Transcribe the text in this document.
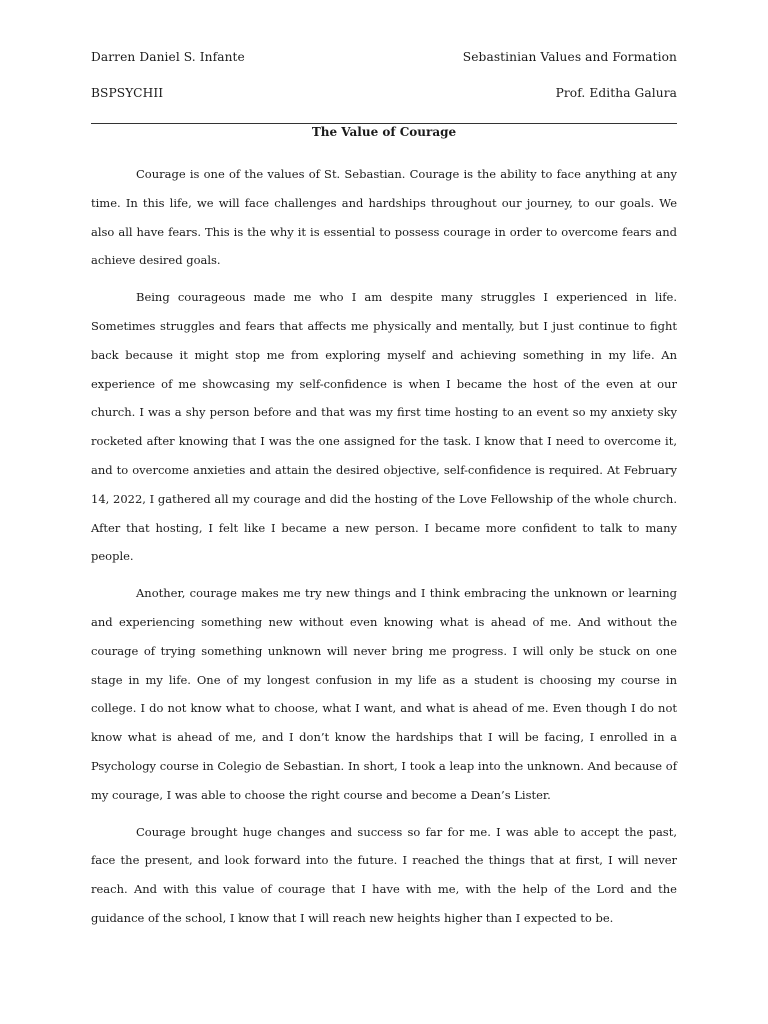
Darren Daniel S. Infante	Sebastinian Values and Formation
BSPSYCHII	Prof. Editha Galura
The Value of Courage

Courage is one of the values of St. Sebastian. Courage is the ability to face anything at any time. In this life, we will face challenges and hardships throughout our journey, to our goals. We also all have fears. This is the why it is essential to possess courage in order to overcome fears and achieve desired goals.

Being courageous made me who I am despite many struggles I experienced in life. Sometimes struggles and fears that affects me physically and mentally, but I just continue to fight back because it might stop me from exploring myself and achieving something in my life. An experience of me showcasing my self-confidence is when I became the host of the even at our church. I was a shy person before and that was my first time hosting to an event so my anxiety sky rocketed after knowing that I was the one assigned for the task. I know that I need to overcome it, and to overcome anxieties and attain the desired objective, self-confidence is required. At February 14, 2022, I gathered all my courage and did the hosting of the Love Fellowship of the whole church. After that hosting, I felt like I became a new person. I became more confident to talk to many people.

Another, courage makes me try new things and I think embracing the unknown or learning and experiencing something new without even knowing what is ahead of me. And without the courage of trying something unknown will never bring me progress. I will only be stuck on one stage in my life. One of my longest confusion in my life as a student is choosing my course in college. I do not know what to choose, what I want, and what is ahead of me. Even though I do not know what is ahead of me, and I don’t know the hardships that I will be facing, I enrolled in a Psychology course in Colegio de Sebastian. In short, I took a leap into the unknown. And because of my courage, I was able to choose the right course and become a Dean’s Lister.

Courage brought huge changes and success so far for me. I was able to accept the past, face the present, and look forward into the future. I reached the things that at first, I will never reach. And with this value of courage that I have with me, with the help of the Lord and the guidance of the school, I know that I will reach new heights higher than I expected to be.
